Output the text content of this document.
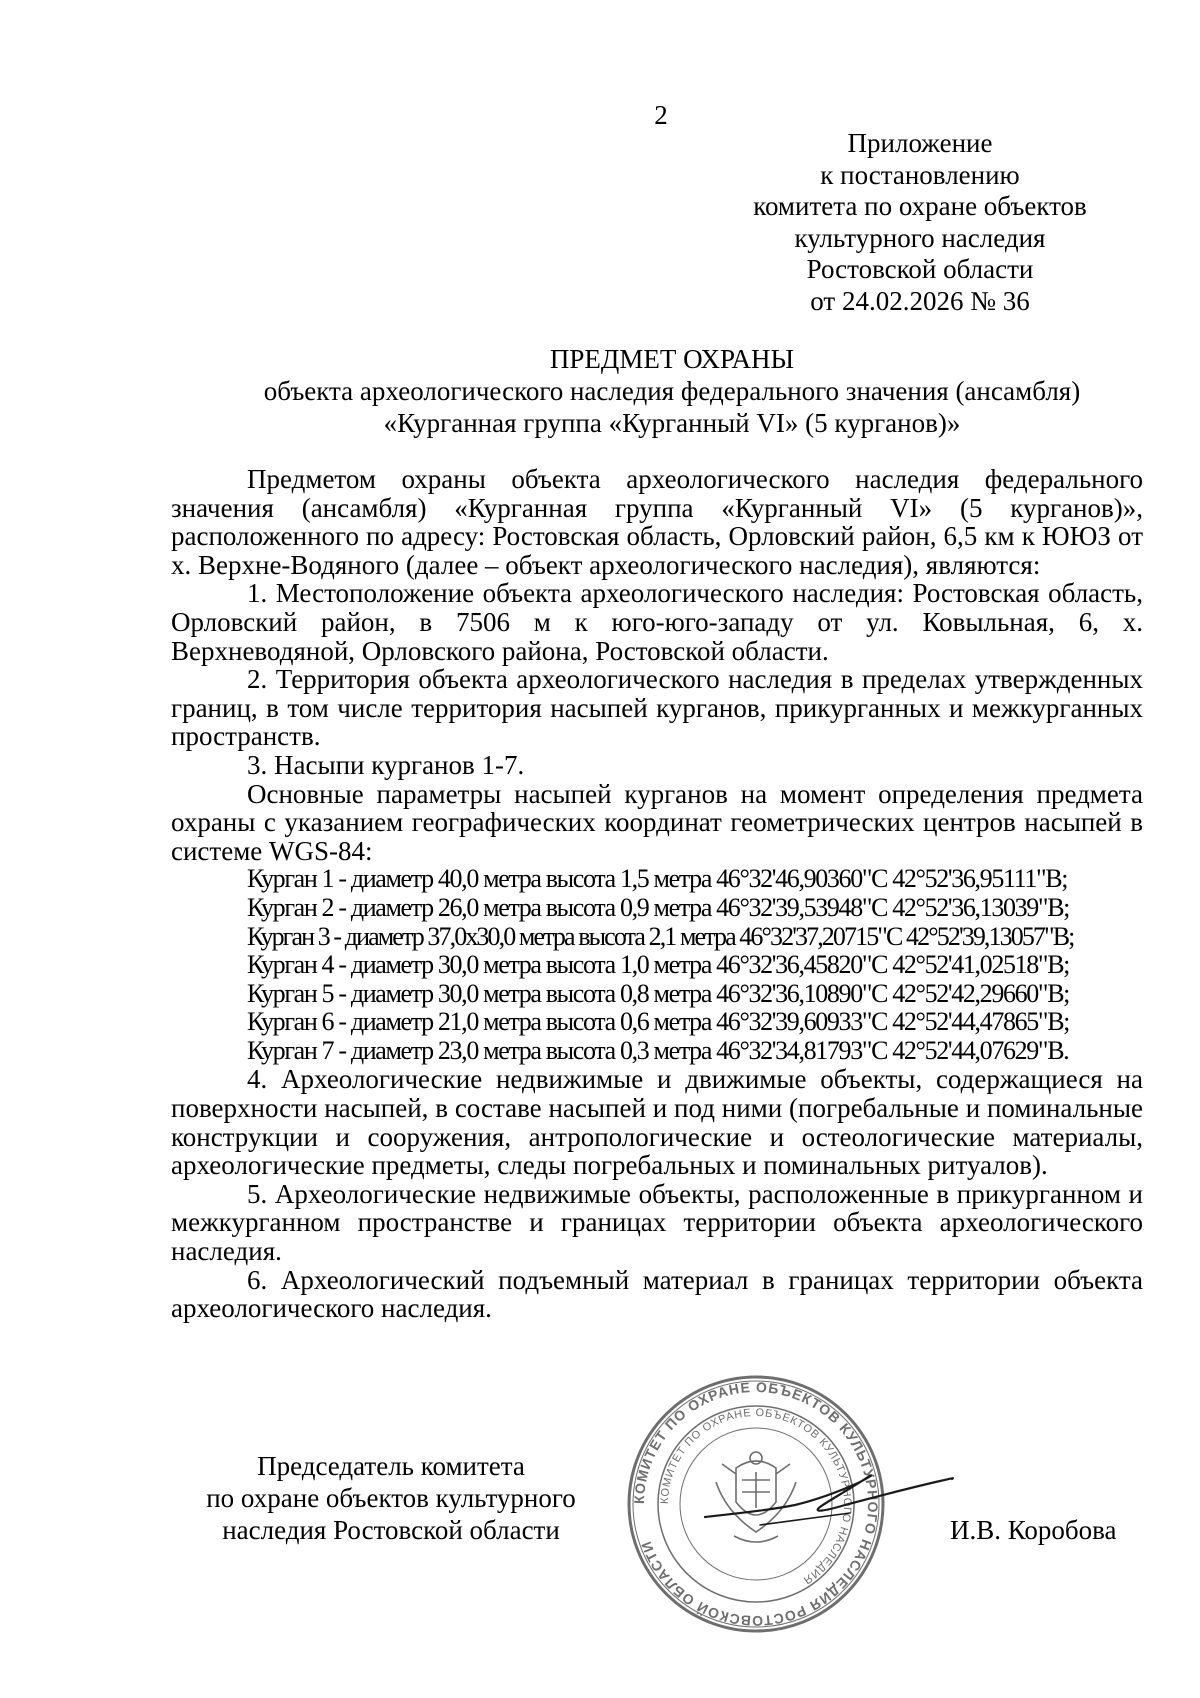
2
Приложение
к постановлению
комитета по охране объектов
культурного наследия
Ростовской области
от 24.02.2026 № 36
ПРЕДМЕТ ОХРАНЫ
объекта археологического наследия федерального значения (ансамбля)
«Курганная группа «Курганный VI» (5 курганов)»

Предметом охраны объекта археологического наследия федерального значения (ансамбля) «Курганная группа «Курганный VI» (5 курганов)», расположенного по адресу: Ростовская область, Орловский район, 6,5 км к ЮЮЗ от х. Верхне-Водяного (далее – объект археологического наследия), являются:

1. Местоположение объекта археологического наследия: Ростовская область, Орловский район, в 7506 м к юго-юго-западу от ул. Ковыльная, 6, х. Верхневодяной, Орловского района, Ростовской области.

2. Территория объекта археологического наследия в пределах утвержденных границ, в том числе территория насыпей курганов, прикурганных и межкурганных пространств.

3. Насыпи курганов 1-7.

Основные параметры насыпей курганов на момент определения предмета охраны с указанием географических координат геометрических центров насыпей в системе WGS-84:

Курган 1 - диаметр 40,0 метра высота 1,5 метра 46°32'46,90360"С 42°52'36,95111"В;
Курган 2 - диаметр 26,0 метра высота 0,9 метра 46°32'39,53948"С 42°52'36,13039"В;
Курган 3 - диаметр 37,0х30,0 метра высота 2,1 метра 46°32'37,20715"С 42°52'39,13057"В;
Курган 4 - диаметр 30,0 метра высота 1,0 метра 46°32'36,45820"С 42°52'41,02518"В;
Курган 5 - диаметр 30,0 метра высота 0,8 метра 46°32'36,10890"С 42°52'42,29660"В;
Курган 6 - диаметр 21,0 метра высота 0,6 метра 46°32'39,60933"С 42°52'44,47865"В;
Курган 7 - диаметр 23,0 метра высота 0,3 метра 46°32'34,81793"С 42°52'44,07629"В.

4. Археологические недвижимые и движимые объекты, содержащиеся на поверхности насыпей, в составе насыпей и под ними (погребальные и поминальные конструкции и сооружения, антропологические и остеологические материалы, археологические предметы, следы погребальных и поминальных ритуалов).

5. Археологические недвижимые объекты, расположенные в прикурганном и межкурганном пространстве и границах территории объекта археологического наследия.

6. Археологический подъемный материал в границах территории объекта археологического наследия.

КОМИТЕТ ПО ОХРАНЕ ОБЪЕКТОВ КУЛЬТУРНОГО НАСЛЕДИЯ РОСТОВСКОЙ ОБЛАСТИ
КОМИТЕТ ПО ОХРАНЕ ОБЪЕКТОВ КУЛЬТУРНОГО НАСЛЕДИЯ
Председатель комитета
по охране объектов культурного
наследия Ростовской области	И.В. Коробова
